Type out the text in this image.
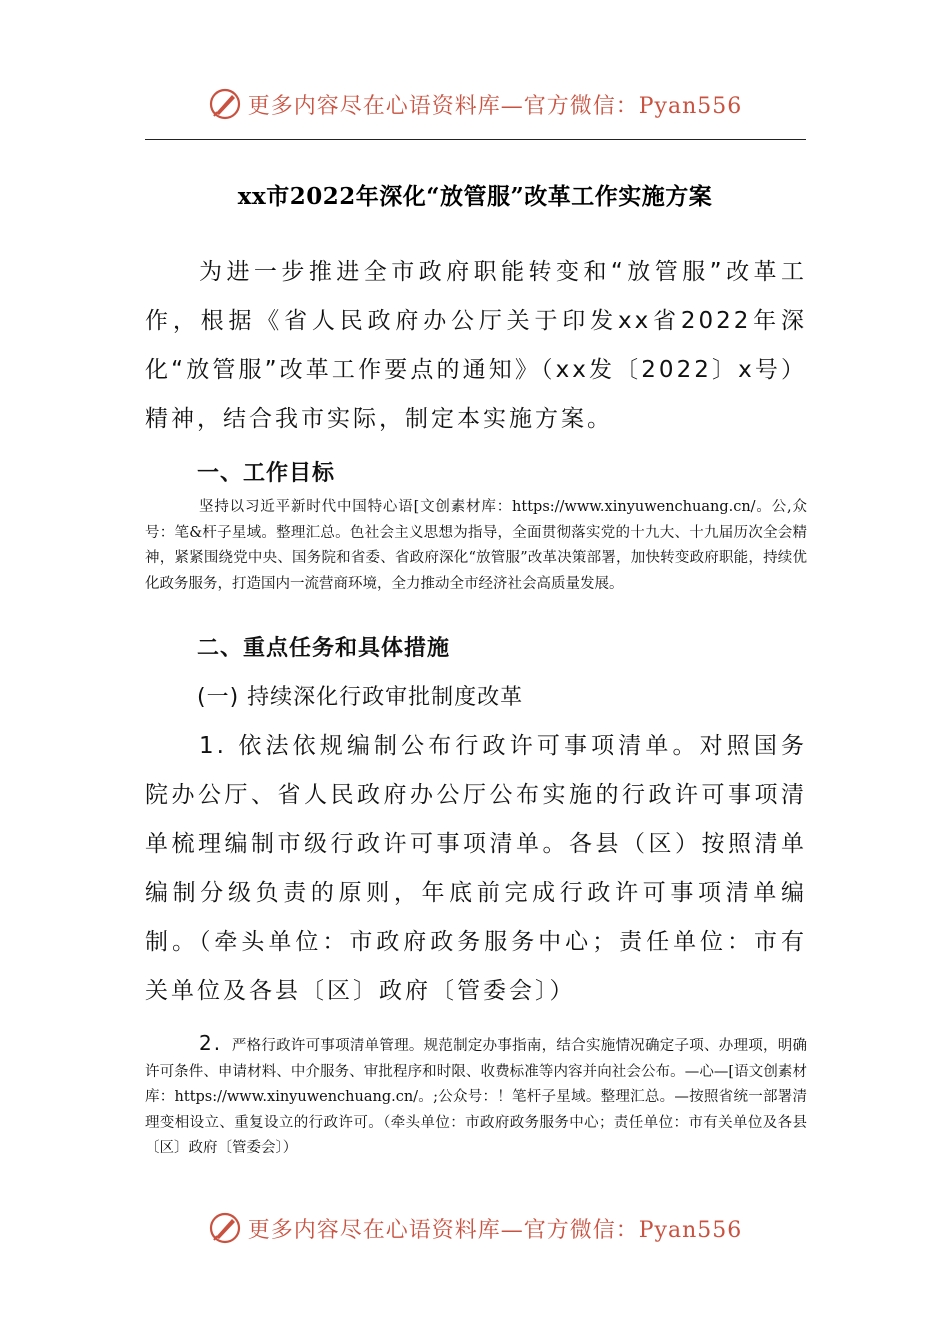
更多内容尽在心语资料库—官方微信：Pyan556
xx市2022年深化“放管服”改革工作实施方案

为进一步推进全市政府职能转变和“放管服”改革工作，根据《省人民政府办公厅关于印发xx省2022年深化“放管服”改革工作要点的通知》（xx发〔2022〕x号）精神，结合我市实际，制定本实施方案。

一、工作目标

坚持以习近平新时代中国特心语[文创素材库：https://www.xinyuwenchuang.cn/。公,众号：笔&杆子星域。整理汇总。色社会主义思想为指导，全面贯彻落实党的十九大、十九届历次全会精神，紧紧围绕党中央、国务院和省委、省政府深化“放管服”改革决策部署，加快转变政府职能，持续优化政务服务，打造国内一流营商环境，全力推动全市经济社会高质量发展。

二、重点任务和具体措施
(一) 持续深化行政审批制度改革

1. 依法依规编制公布行政许可事项清单。对照国务院办公厅、省人民政府办公厅公布实施的行政许可事项清单梳理编制市级行政许可事项清单。各县（区）按照清单编制分级负责的原则，年底前完成行政许可事项清单编制。（牵头单位：市政府政务服务中心；责任单位：市有关单位及各县〔区〕政府〔管委会〕）

2. 严格行政许可事项清单管理。规范制定办事指南，结合实施情况确定子项、办理项，明确许可条件、申请材料、中介服务、审批程序和时限、收费标准等内容并向社会公布。—心—[语文创素材库：https://www.xinyuwenchuang.cn/。;公众号：！笔杆子星域。整理汇总。—按照省统一部署清理变相设立、重复设立的行政许可。（牵头单位：市政府政务服务中心；责任单位：市有关单位及各县〔区〕政府〔管委会〕）

更多内容尽在心语资料库—官方微信：Pyan556
